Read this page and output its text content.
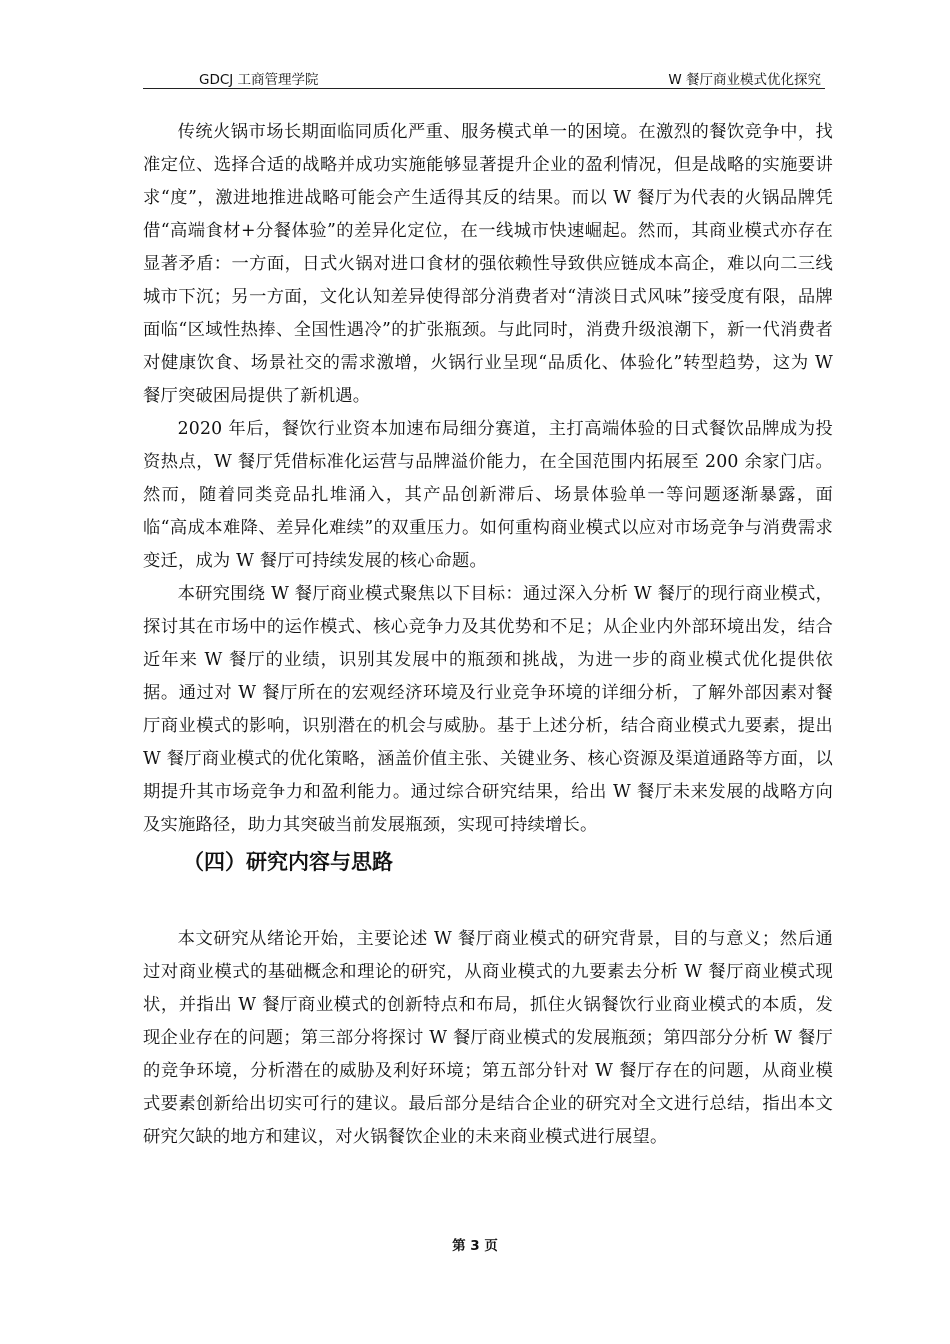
GDCJ 工商管理学院	W 餐厅商业模式优化探究

传统火锅市场长期面临同质化严重、服务模式单一的困境。在激烈的餐饮竞争中，找准定位、选择合适的战略并成功实施能够显著提升企业的盈利情况，但是战略的实施要讲求“度”，激进地推进战略可能会产生适得其反的结果。而以 W 餐厅为代表的火锅品牌凭借“高端食材+分餐体验”的差异化定位，在一线城市快速崛起。然而，其商业模式亦存在显著矛盾：一方面，日式火锅对进口食材的强依赖性导致供应链成本高企，难以向二三线城市下沉；另一方面，文化认知差异使得部分消费者对“清淡日式风味”接受度有限，品牌面临“区域性热捧、全国性遇冷”的扩张瓶颈。与此同时，消费升级浪潮下，新一代消费者对健康饮食、场景社交的需求激增，火锅行业呈现“品质化、体验化”转型趋势，这为 W 餐厅突破困局提供了新机遇。

2020 年后，餐饮行业资本加速布局细分赛道，主打高端体验的日式餐饮品牌成为投资热点，W 餐厅凭借标准化运营与品牌溢价能力，在全国范围内拓展至 200 余家门店。然而，随着同类竞品扎堆涌入，其产品创新滞后、场景体验单一等问题逐渐暴露，面临“高成本难降、差异化难续”的双重压力。如何重构商业模式以应对市场竞争与消费需求变迁，成为 W 餐厅可持续发展的核心命题。

本研究围绕 W 餐厅商业模式聚焦以下目标：通过深入分析 W 餐厅的现行商业模式，探讨其在市场中的运作模式、核心竞争力及其优势和不足；从企业内外部环境出发，结合近年来 W 餐厅的业绩，识别其发展中的瓶颈和挑战，为进一步的商业模式优化提供依据。通过对 W 餐厅所在的宏观经济环境及行业竞争环境的详细分析，了解外部因素对餐厅商业模式的影响，识别潜在的机会与威胁。基于上述分析，结合商业模式九要素，提出 W 餐厅商业模式的优化策略，涵盖价值主张、关键业务、核心资源及渠道通路等方面，以期提升其市场竞争力和盈利能力。通过综合研究结果，给出 W 餐厅未来发展的战略方向及实施路径，助力其突破当前发展瓶颈，实现可持续增长。

（四）研究内容与思路

本文研究从绪论开始，主要论述 W 餐厅商业模式的研究背景，目的与意义；然后通过对商业模式的基础概念和理论的研究，从商业模式的九要素去分析 W 餐厅商业模式现状，并指出 W 餐厅商业模式的创新特点和布局，抓住火锅餐饮行业商业模式的本质，发现企业存在的问题；第三部分将探讨 W 餐厅商业模式的发展瓶颈；第四部分分析 W 餐厅的竞争环境，分析潜在的威胁及利好环境；第五部分针对 W 餐厅存在的问题，从商业模式要素创新给出切实可行的建议。最后部分是结合企业的研究对全文进行总结，指出本文研究欠缺的地方和建议，对火锅餐饮企业的未来商业模式进行展望。

第 3 页
